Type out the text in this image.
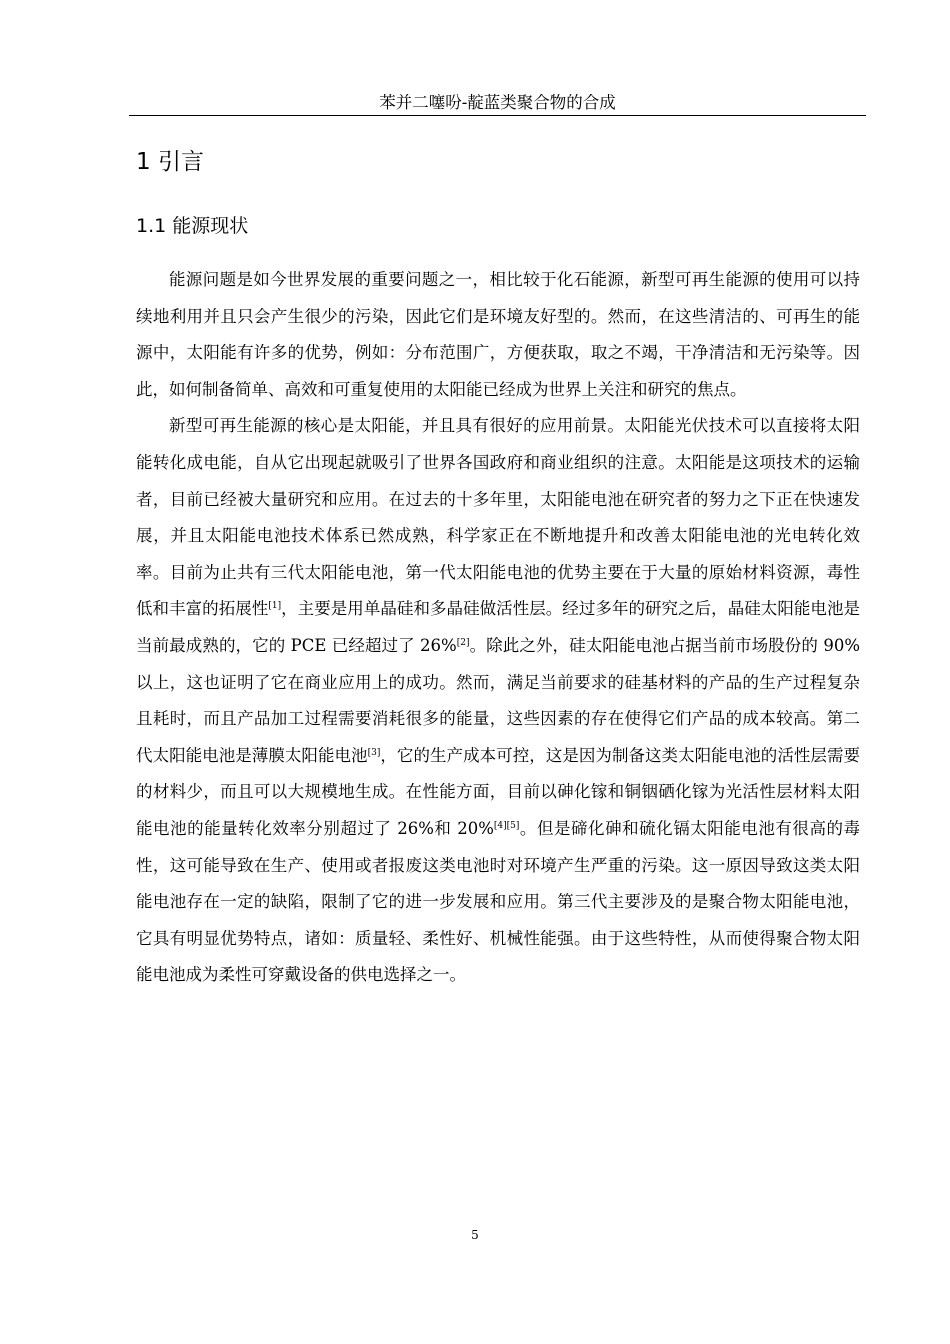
苯并二噻吩-靛蓝类聚合物的合成
1 引言
1.1 能源现状

能源问题是如今世界发展的重要问题之一，相比较于化石能源，新型可再生能源的使用可以持续地利用并且只会产生很少的污染，因此它们是环境友好型的。然而，在这些清洁的、可再生的能源中，太阳能有许多的优势，例如：分布范围广，方便获取，取之不竭，干净清洁和无污染等。因此，如何制备简单、高效和可重复使用的太阳能已经成为世界上关注和研究的焦点。

新型可再生能源的核心是太阳能，并且具有很好的应用前景。太阳能光伏技术可以直接将太阳能转化成电能，自从它出现起就吸引了世界各国政府和商业组织的注意。太阳能是这项技术的运输者，目前已经被大量研究和应用。在过去的十多年里，太阳能电池在研究者的努力之下正在快速发展，并且太阳能电池技术体系已然成熟，科学家正在不断地提升和改善太阳能电池的光电转化效率。目前为止共有三代太阳能电池，第一代太阳能电池的优势主要在于大量的原始材料资源，毒性低和丰富的拓展性[1]，主要是用单晶硅和多晶硅做活性层。经过多年的研究之后，晶硅太阳能电池是当前最成熟的，它的 PCE 已经超过了 26%[2]。除此之外，硅太阳能电池占据当前市场股份的 90%以上，这也证明了它在商业应用上的成功。然而，满足当前要求的硅基材料的产品的生产过程复杂且耗时，而且产品加工过程需要消耗很多的能量，这些因素的存在使得它们产品的成本较高。第二代太阳能电池是薄膜太阳能电池[3]，它的生产成本可控，这是因为制备这类太阳能电池的活性层需要的材料少，而且可以大规模地生成。在性能方面，目前以砷化镓和铜铟硒化镓为光活性层材料太阳能电池的能量转化效率分别超过了 26%和 20%[4][5]。但是碲化砷和硫化镉太阳能电池有很高的毒性，这可能导致在生产、使用或者报废这类电池时对环境产生严重的污染。这一原因导致这类太阳能电池存在一定的缺陷，限制了它的进一步发展和应用。第三代主要涉及的是聚合物太阳能电池，它具有明显优势特点，诸如：质量轻、柔性好、机械性能强。由于这些特性，从而使得聚合物太阳能电池成为柔性可穿戴设备的供电选择之一。

5
